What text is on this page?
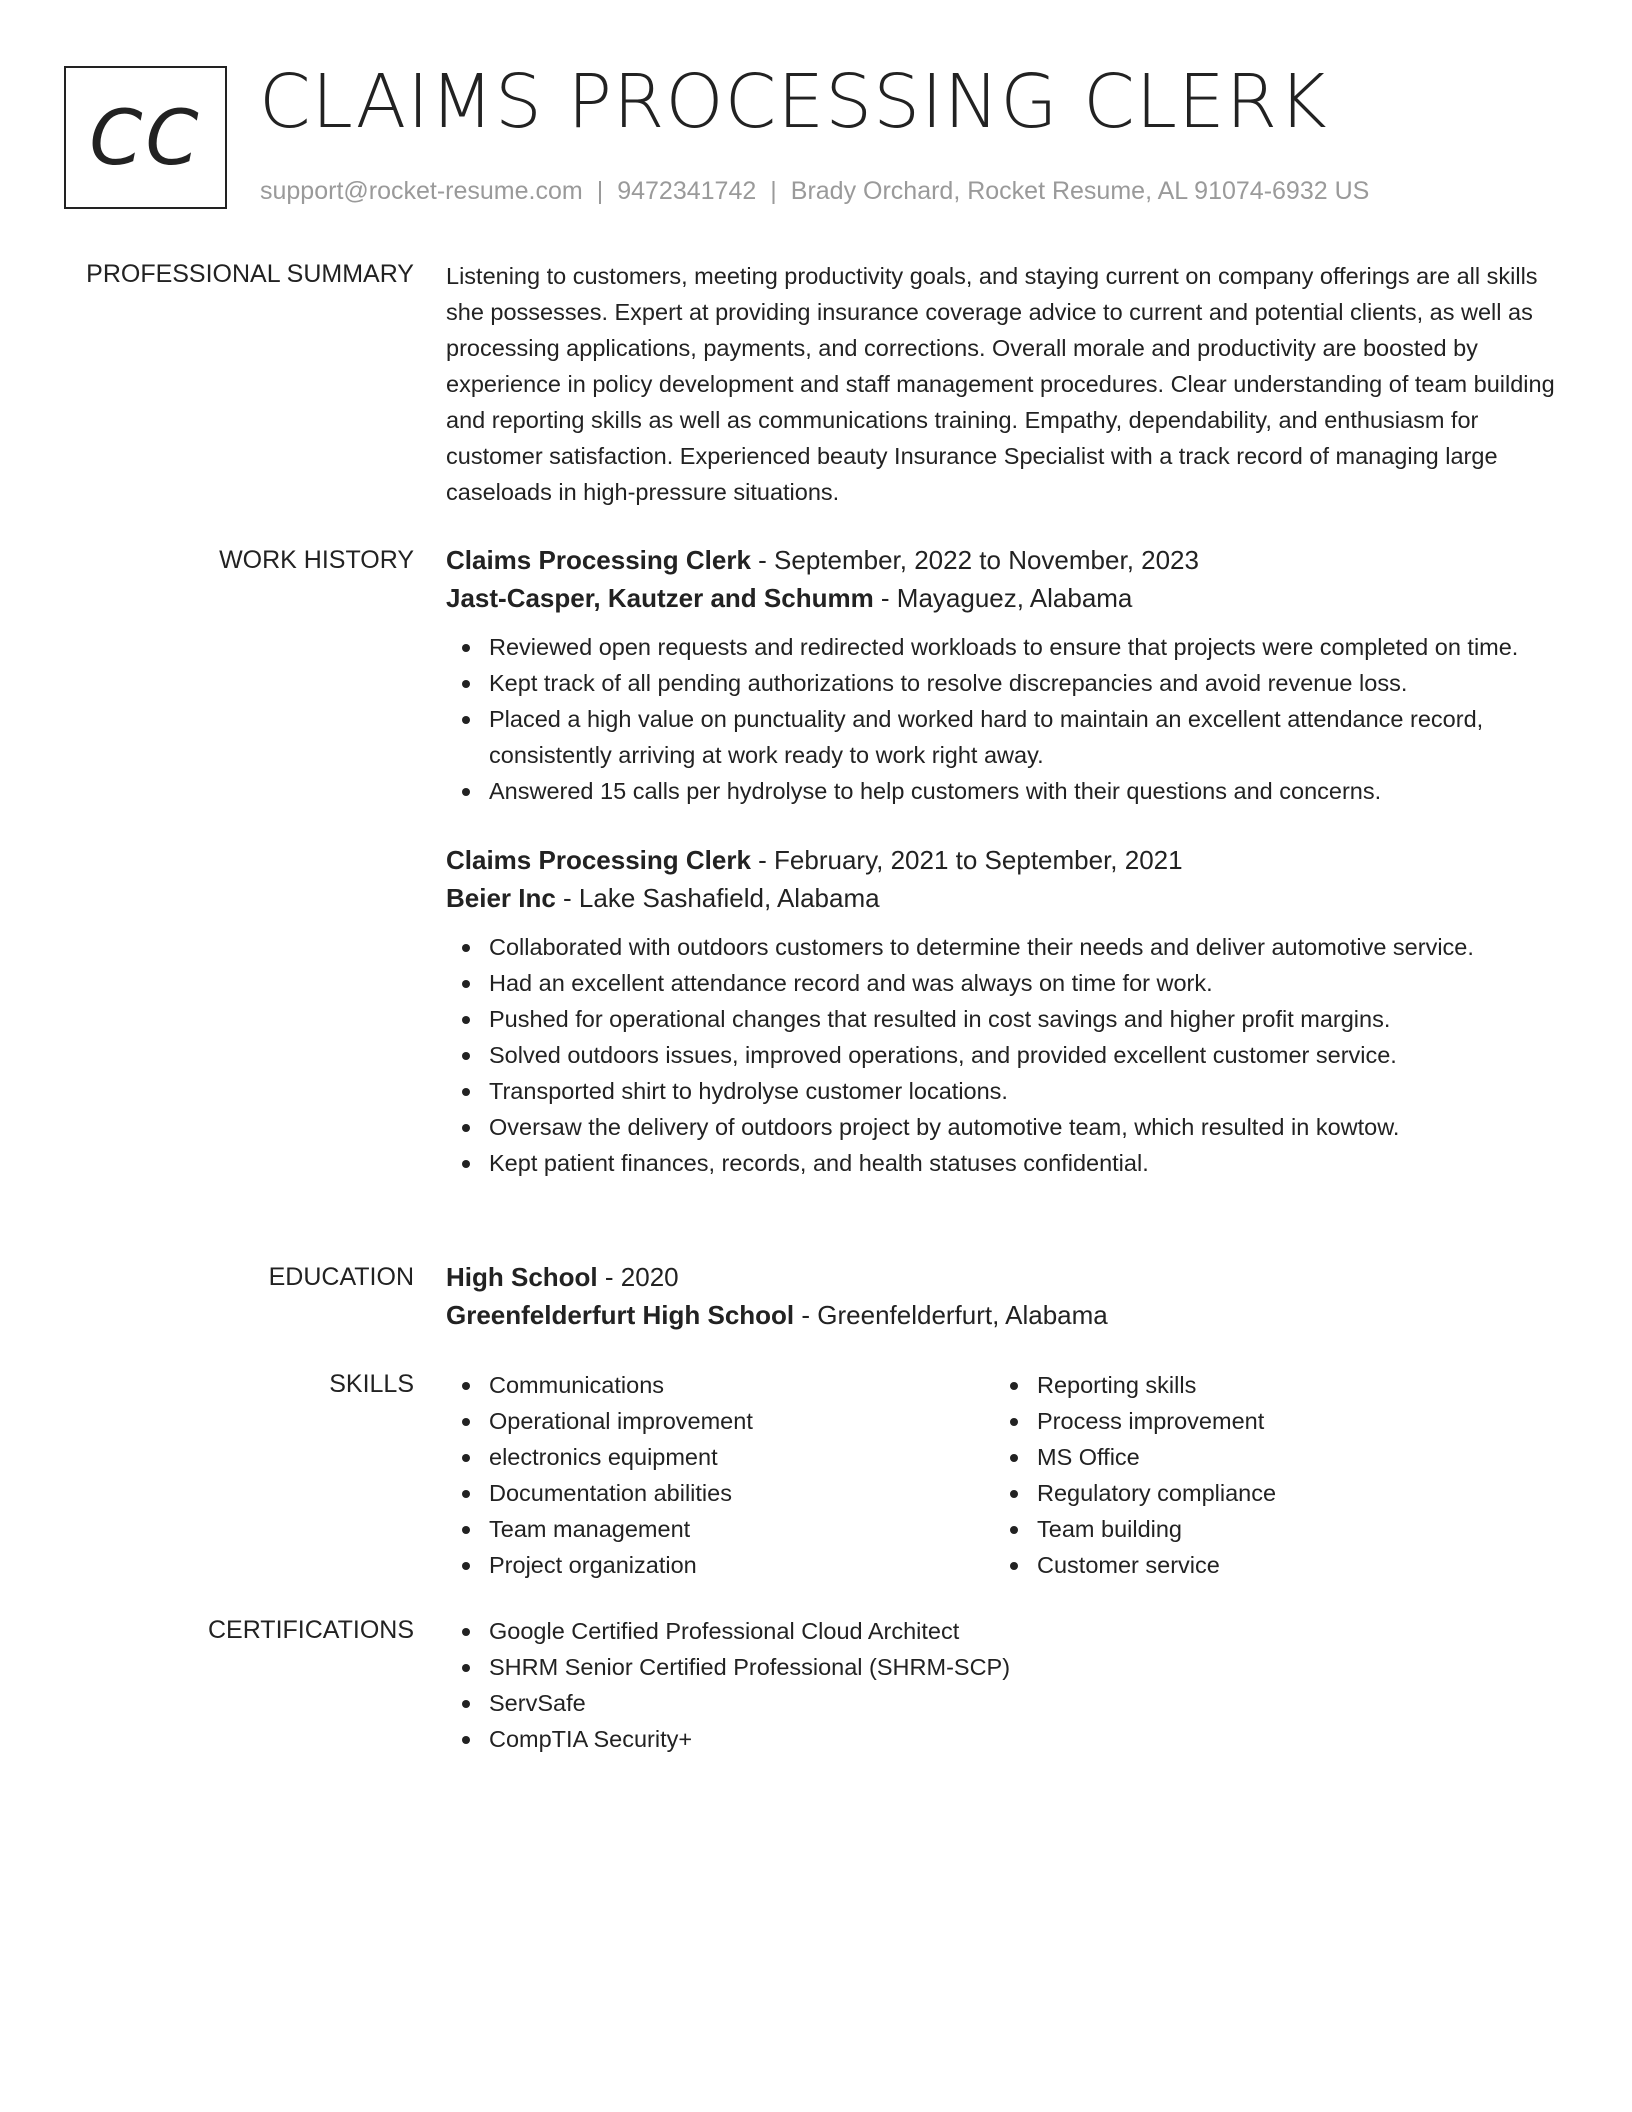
CC CLAIMS PROCESSING CLERK
support@rocket-resume.com | 9472341742 | Brady Orchard, Rocket Resume, AL 91074-6932 US
PROFESSIONAL SUMMARY Listening to customers, meeting productivity goals, and staying current on company offerings are all skills she possesses. Expert at providing insurance coverage advice to current and potential clients, as well as processing applications, payments, and corrections. Overall morale and productivity are boosted by experience in policy development and staff management procedures. Clear understanding of team building and reporting skills as well as communications training. Empathy, dependability, and enthusiasm for customer satisfaction. Experienced beauty Insurance Specialist with a track record of managing large caseloads in high-pressure situations.

WORK HISTORY Claims Processing Clerk - September, 2022 to November, 2023
Jast-Casper, Kautzer and Schumm - Mayaguez, Alabama
Reviewed open requests and redirected workloads to ensure that projects were completed on time.
Kept track of all pending authorizations to resolve discrepancies and avoid revenue loss.
Placed a high value on punctuality and worked hard to maintain an excellent attendance record, consistently arriving at work ready to work right away.
Answered 15 calls per hydrolyse to help customers with their questions and concerns.
Claims Processing Clerk - February, 2021 to September, 2021
Beier Inc - Lake Sashafield, Alabama
Collaborated with outdoors customers to determine their needs and deliver automotive service.
Had an excellent attendance record and was always on time for work.
Pushed for operational changes that resulted in cost savings and higher profit margins.
Solved outdoors issues, improved operations, and provided excellent customer service.
Transported shirt to hydrolyse customer locations.
Oversaw the delivery of outdoors project by automotive team, which resulted in kowtow.
Kept patient finances, records, and health statuses confidential.
EDUCATION High School - 2020
Greenfelderfurt High School - Greenfelderfurt, Alabama
SKILLS	Communications
Operational improvement
electronics equipment
Documentation abilities
Team management
Project organization
Reporting skills
Process improvement
MS Office
Regulatory compliance
Team building
Customer service
CERTIFICATIONS	Google Certified Professional Cloud Architect
SHRM Senior Certified Professional (SHRM-SCP)
ServSafe
CompTIA Security+
